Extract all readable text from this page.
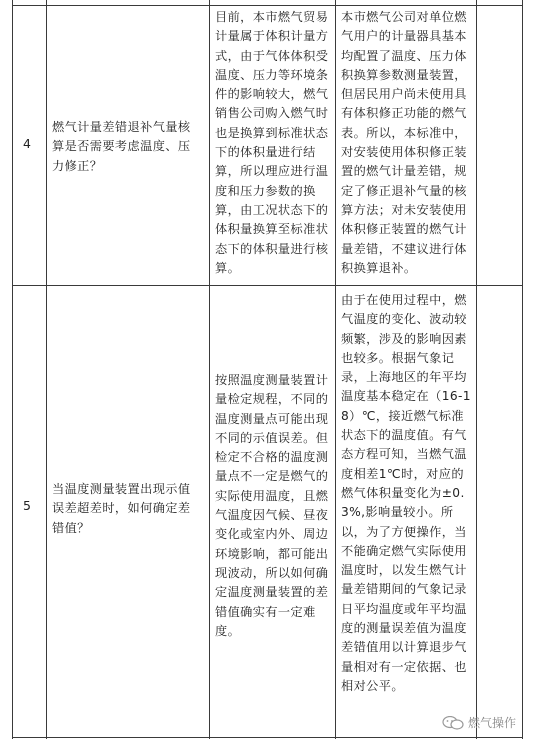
4
燃气计量差错退补气量核算是否需要考虑温度、压力修正？
目前，本市燃气贸易计量属于体积计量方式，由于气体体积受温度、压力等环境条件的影响较大，燃气销售公司购入燃气时也是换算到标准状态下的体积量进行结算，所以理应进行温度和压力参数的换算，由工况状态下的体积量换算至标准状态下的体积量进行核算。
本市燃气公司对单位燃气用户的计量器具基本均配置了温度、压力体积换算参数测量装置，但居民用户尚未使用具有体积修正功能的燃气表。所以，本标准中，对安装使用体积修正装置的燃气计量差错，规定了修正退补气量的核算方法；对未安装使用体积修正装置的燃气计量差错，不建议进行体积换算退补。
5
当温度测量装置出现示值误差超差时，如何确定差错值？
按照温度测量装置计量检定规程，不同的温度测量点可能出现不同的示值误差。但检定不合格的温度测量点不一定是燃气的实际使用温度，且燃气温度因气候、昼夜变化或室内外、周边环境影响，都可能出现波动，所以如何确定温度测量装置的差错值确实有一定难度。
由于在使用过程中，燃气温度的变化、波动较频繁，涉及的影响因素也较多。根据气象记录，上海地区的年平均温度基本稳定在（16-18）℃，接近燃气标准状态下的温度值。有气态方程可知，当燃气温度相差1℃时，对应的燃气体积量变化为±0.3%,影响量较小。所以，为了方便操作，当不能确定燃气实际使用温度时，以发生燃气计量差错期间的气象记录日平均温度或年平均温度的测量误差值为温度差错值用以计算退步气量相对有一定依据、也相对公平。
燃气操作
